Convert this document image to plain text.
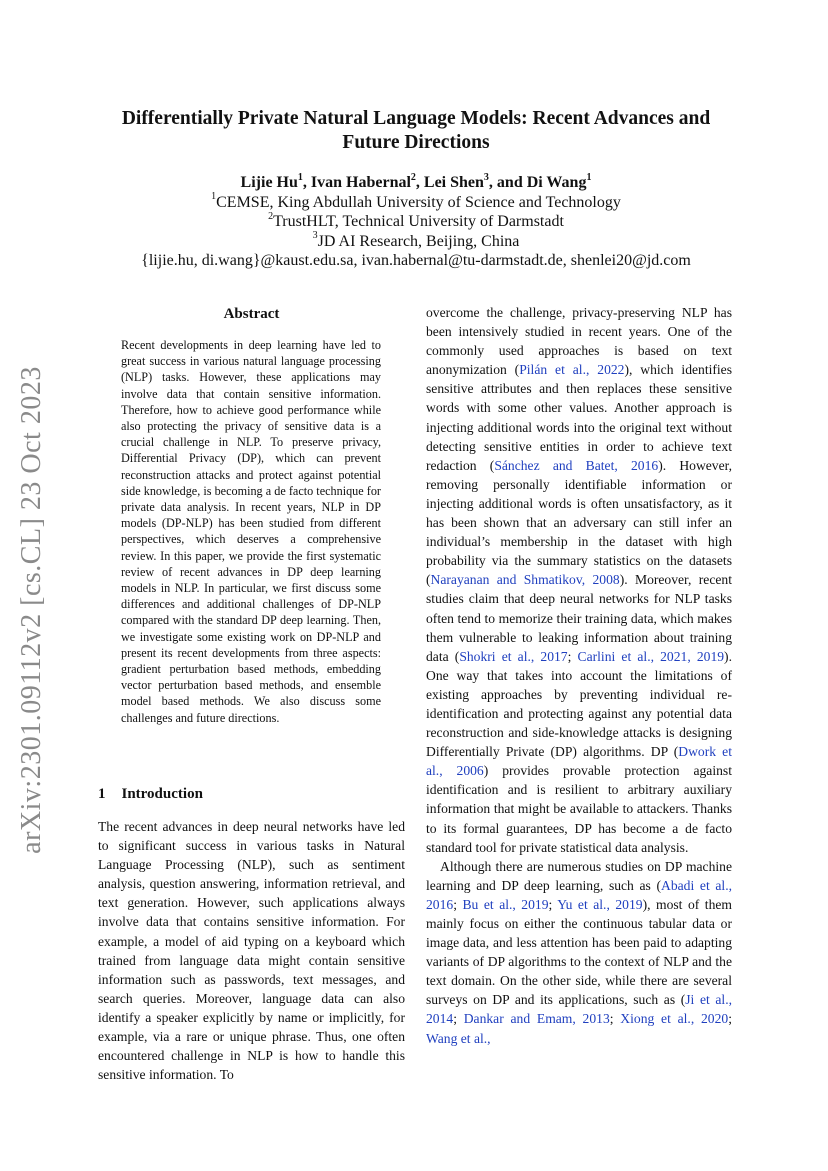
arXiv:2301.09112v2 [cs.CL] 23 Oct 2023
Differentially Private Natural Language Models: Recent Advances and
Future Directions
Lijie Hu$^1$, Ivan Habernal$^2$, Lei Shen$^3$, and Di Wang$^1$
$^1$CEMSE, King Abdullah University of Science and Technology
$^2$TrustHLT, Technical University of Darmstadt
$^3$JD AI Research, Beijing, China
{lijie.hu, di.wang}@kaust.edu.sa, ivan.habernal@tu-darmstadt.de, shenlei20@jd.com
Abstract
Recent developments in deep learning have led to great success in various natural language processing (NLP) tasks. However, these applications may involve data that contain sensitive information. Therefore, how to achieve good performance while also protecting the privacy of sensitive data is a crucial challenge in NLP. To preserve privacy, Differential Privacy (DP), which can prevent reconstruction attacks and protect against potential side knowledge, is becoming a de facto technique for private data analysis. In recent years, NLP in DP models (DP-NLP) has been studied from different perspectives, which deserves a comprehensive review. In this paper, we provide the first systematic review of recent advances in DP deep learning models in NLP. In particular, we first discuss some differences and additional challenges of DP-NLP compared with the standard DP deep learning. Then, we investigate some existing work on DP-NLP and present its recent developments from three aspects: gradient perturbation based methods, embedding vector perturbation based methods, and ensemble model based methods. We also discuss some challenges and future directions.
1 Introduction

The recent advances in deep neural networks have led to significant success in various tasks in Natural Language Processing (NLP), such as sentiment analysis, question answering, information retrieval, and text generation. However, such applications always involve data that contains sensitive information. For example, a model of aid typing on a keyboard which trained from language data might contain sensitive information such as passwords, text messages, and search queries. Moreover, language data can also identify a speaker explicitly by name or implicitly, for example, via a rare or unique phrase. Thus, one often encountered challenge in NLP is how to handle this sensitive information. To

overcome the challenge, privacy-preserving NLP has been intensively studied in recent years. One of the commonly used approaches is based on text anonymization (Pilán et al., 2022), which identifies sensitive attributes and then replaces these sensitive words with some other values. Another approach is injecting additional words into the original text without detecting sensitive entities in order to achieve text redaction (Sánchez and Batet, 2016). However, removing personally identifiable information or injecting additional words is often unsatisfactory, as it has been shown that an adversary can still infer an individual’s membership in the dataset with high probability via the summary statistics on the datasets (Narayanan and Shmatikov, 2008). Moreover, recent studies claim that deep neural networks for NLP tasks often tend to memorize their training data, which makes them vulnerable to leaking information about training data (Shokri et al., 2017; Carlini et al., 2021, 2019). One way that takes into account the limitations of existing approaches by preventing individual re-identification and protecting against any potential data reconstruction and side-knowledge attacks is designing Differentially Private (DP) algorithms. DP (Dwork et al., 2006) provides provable protection against identification and is resilient to arbitrary auxiliary information that might be available to attackers. Thanks to its formal guarantees, DP has become a de facto standard tool for private statistical data analysis.

Although there are numerous studies on DP machine learning and DP deep learning, such as (Abadi et al., 2016; Bu et al., 2019; Yu et al., 2019), most of them mainly focus on either the continuous tabular data or image data, and less attention has been paid to adapting variants of DP algorithms to the context of NLP and the text domain. On the other side, while there are several surveys on DP and its applications, such as (Ji et al., 2014; Dankar and Emam, 2013; Xiong et al., 2020; Wang et al.,
